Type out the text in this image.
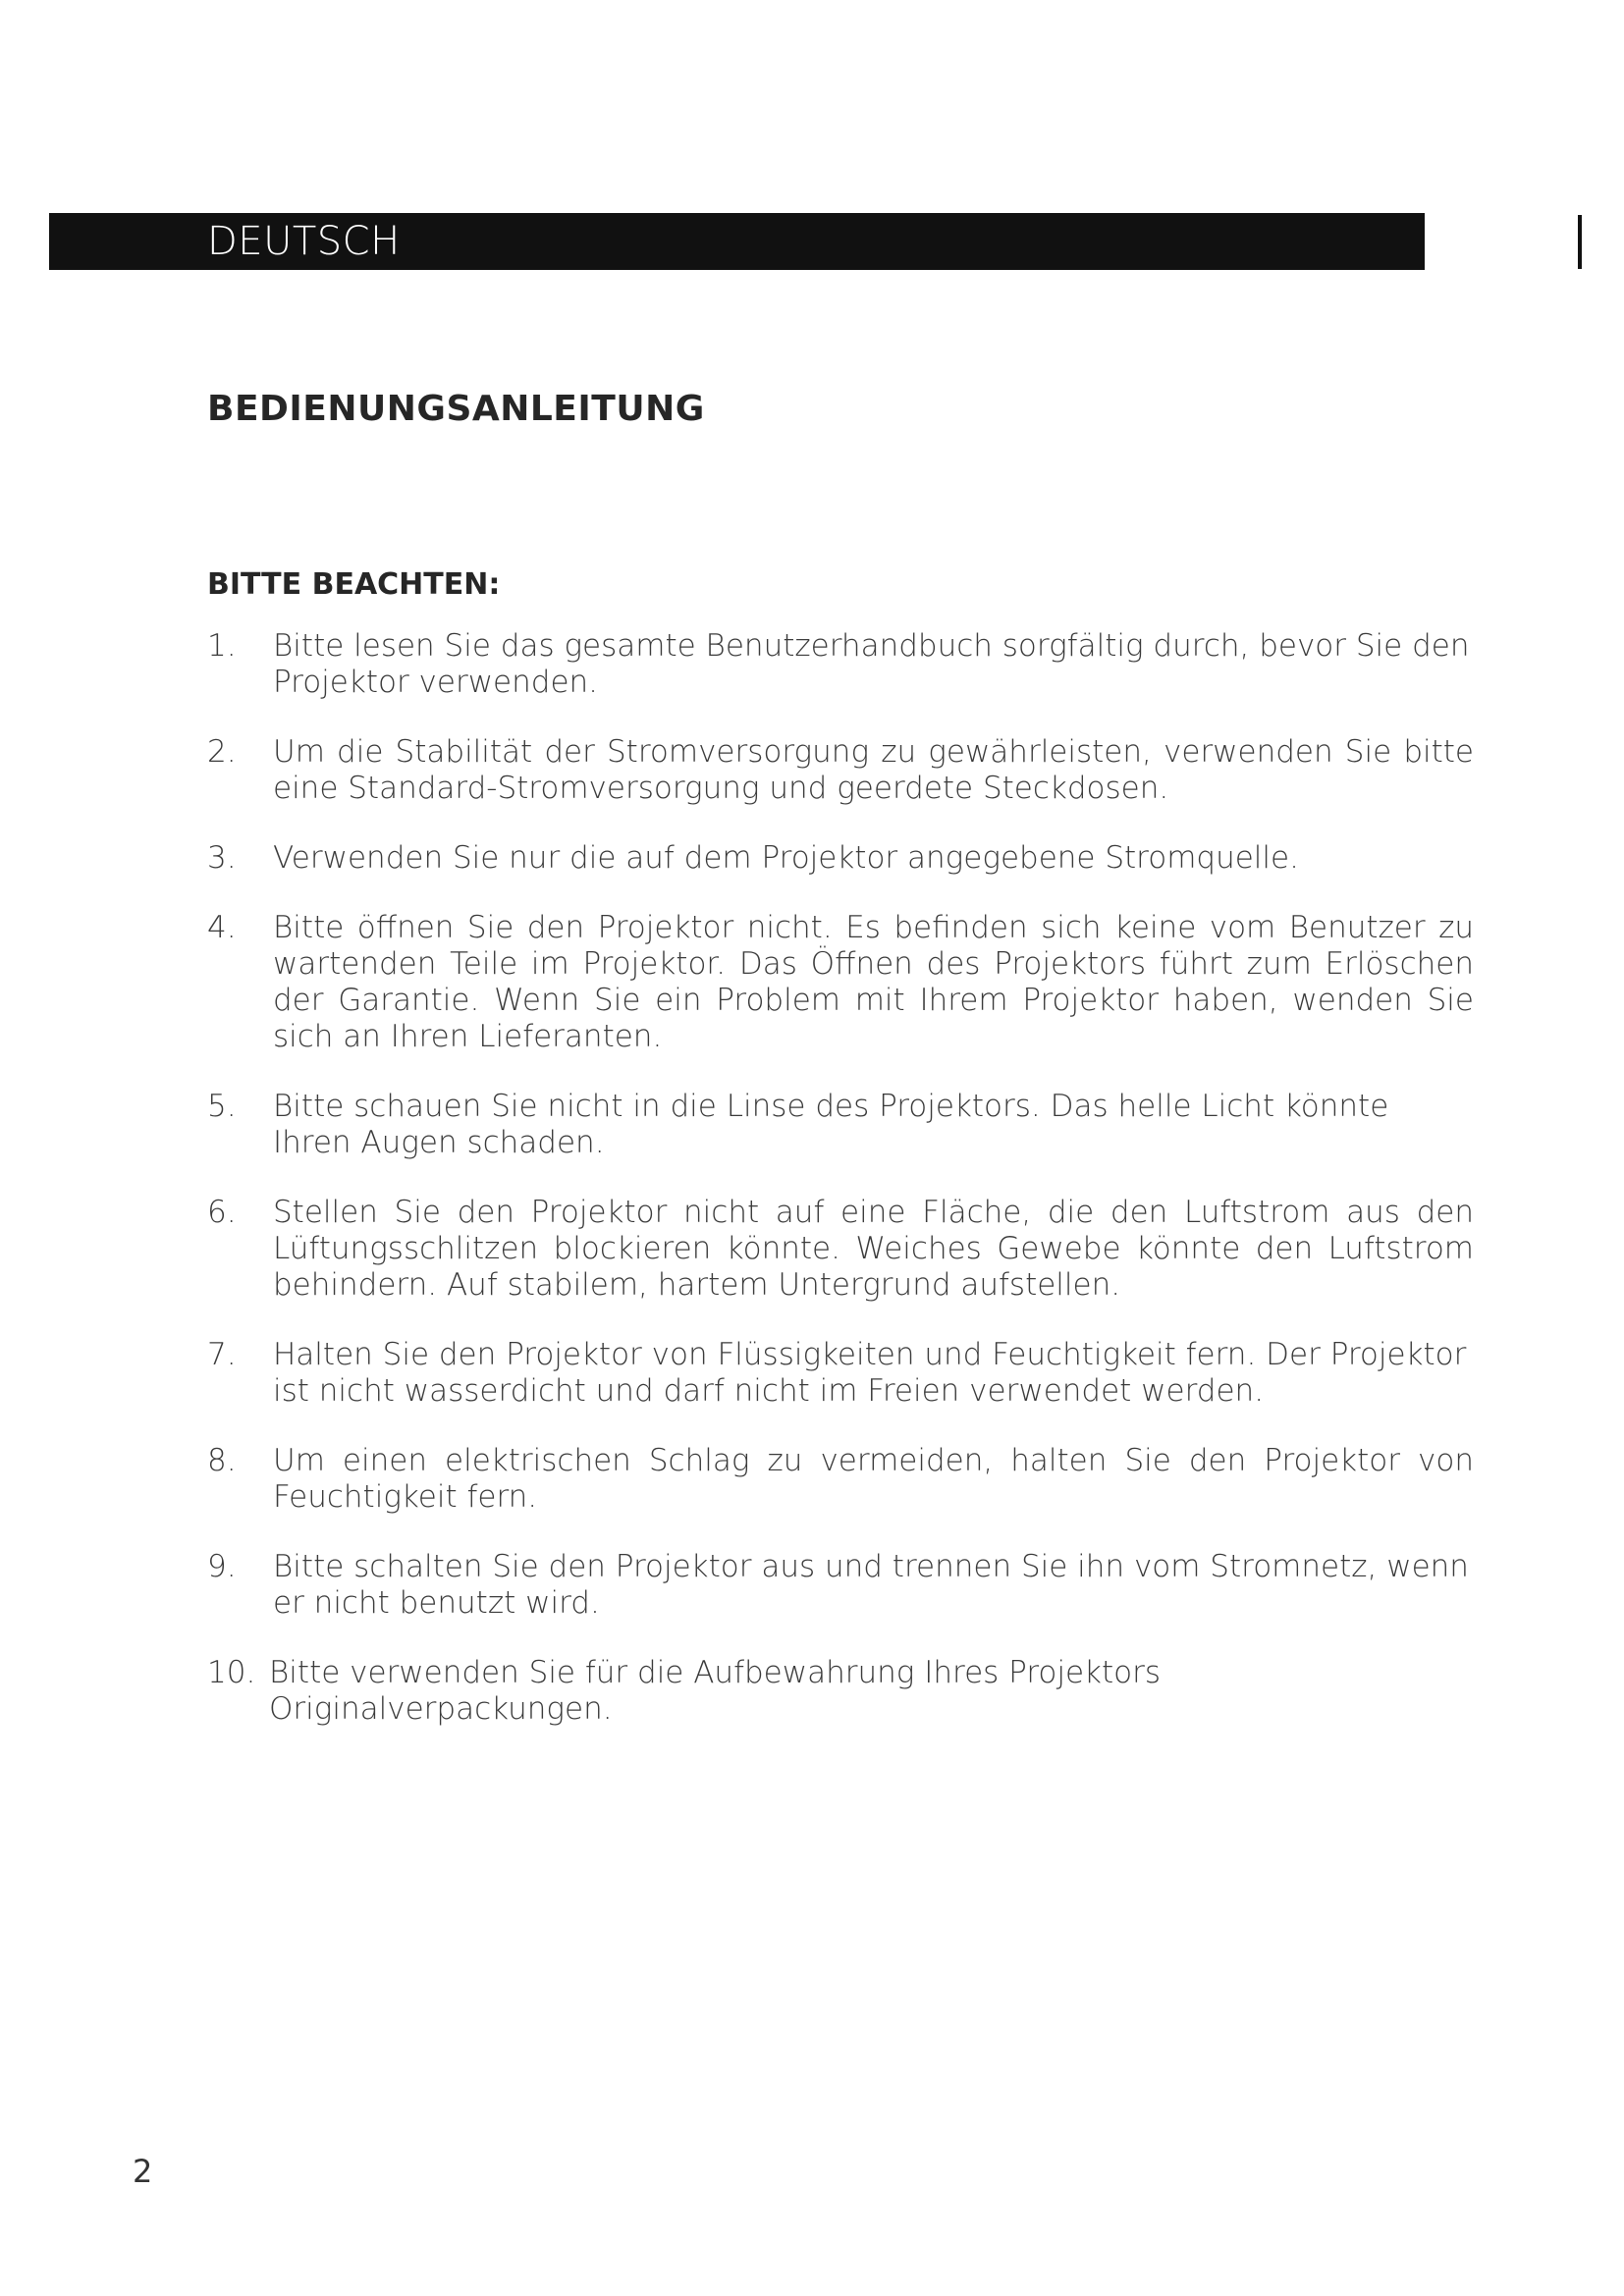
DEUTSCH
BEDIENUNGSANLEITUNG
BITTE BEACHTEN:
1.	Bitte lesen Sie das gesamte Benutzerhandbuch sorgfältig durch, bevor Sie den Projektor verwenden.
2.	Um die Stabilität der Stromversorgung zu gewährleisten, verwenden Sie bitte eine Standard-Stromversorgung und geerdete Steckdosen.
3.	Verwenden Sie nur die auf dem Projektor angegebene Stromquelle.
4.	Bitte öffnen Sie den Projektor nicht. Es befinden sich keine vom Benutzer zu wartenden Teile im Projektor. Das Öffnen des Projektors führt zum Erlöschen der Garantie. Wenn Sie ein Problem mit Ihrem Projektor haben, wenden Sie sich an Ihren Lieferanten.
5.	Bitte schauen Sie nicht in die Linse des Projektors. Das helle Licht könnte Ihren Augen schaden.
6.	Stellen Sie den Projektor nicht auf eine Fläche, die den Luftstrom aus den Lüftungsschlitzen blockieren könnte. Weiches Gewebe könnte den Luftstrom behindern. Auf stabilem, hartem Untergrund aufstellen.
7.	Halten Sie den Projektor von Flüssigkeiten und Feuchtigkeit fern. Der Projektor ist nicht wasserdicht und darf nicht im Freien verwendet werden.
8.	Um einen elektrischen Schlag zu vermeiden, halten Sie den Projektor von Feuchtigkeit fern.
9.	Bitte schalten Sie den Projektor aus und trennen Sie ihn vom Stromnetz, wenn er nicht benutzt wird.
10. Bitte verwenden Sie für die Aufbewahrung Ihres Projektors Originalverpackungen.
2
